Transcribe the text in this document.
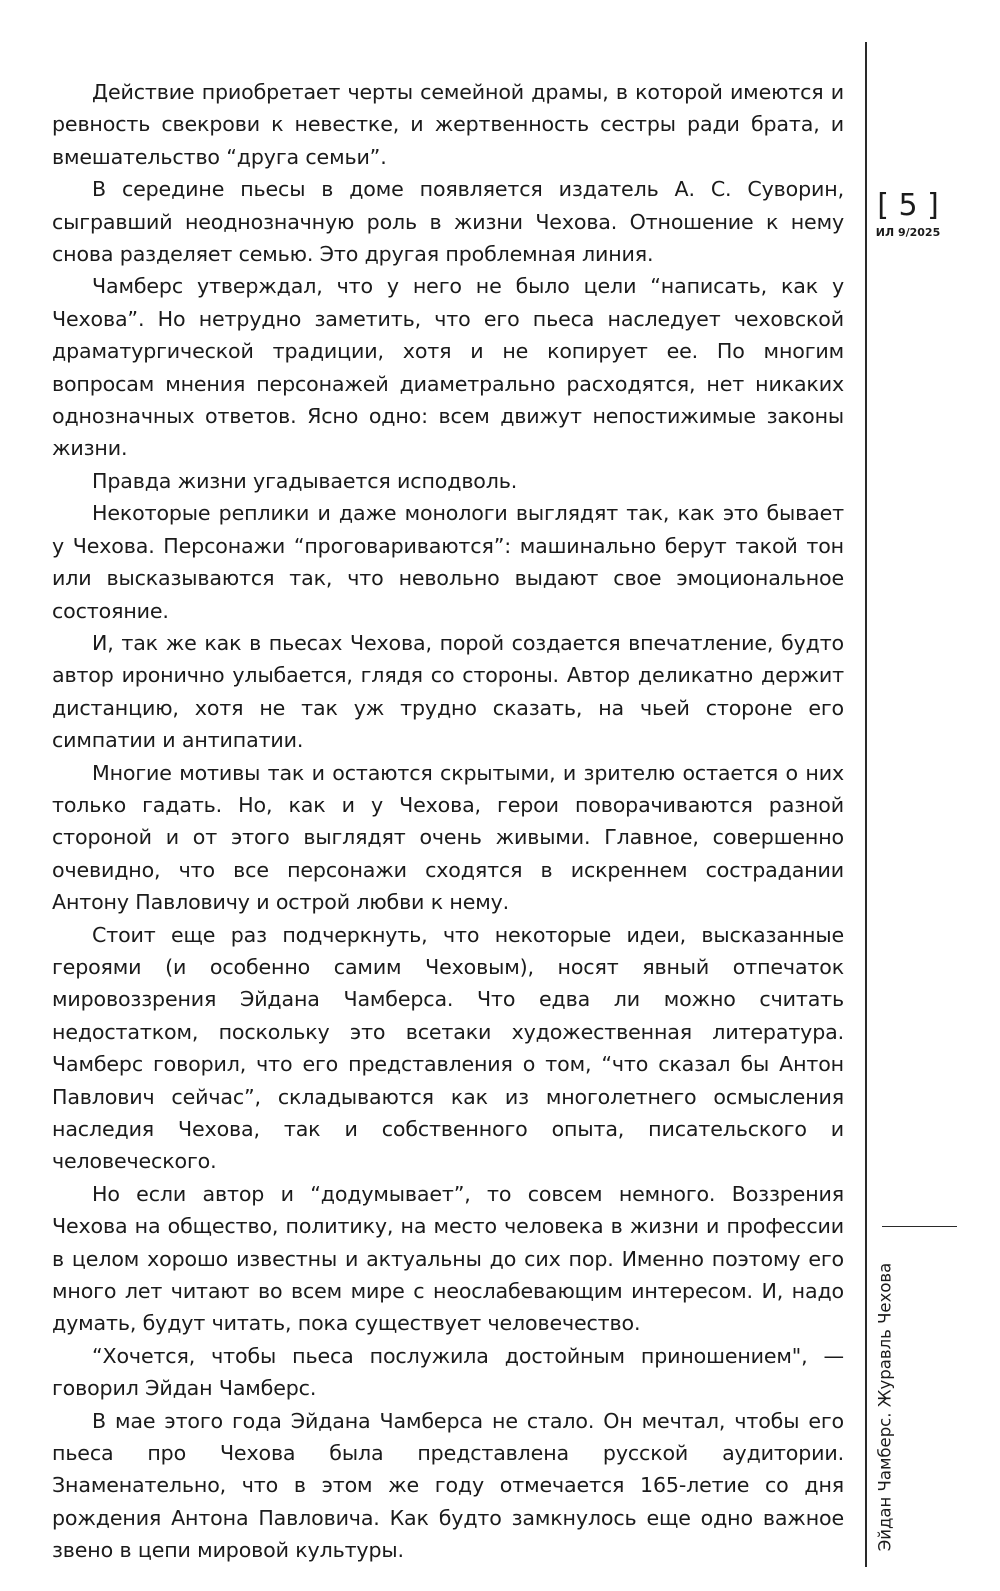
Действие приобретает черты семейной драмы, в которой имеются и ревность свекрови к невестке, и жертвенность сестры ради брата, и вмешательство “друга семьи”.

В середине пьесы в доме появляется издатель А. С. Суворин, сыгравший неоднозначную роль в жизни Чехова. Отношение к нему снова разделяет семью. Это другая проблемная линия.

Чамберс утверждал, что у него не было цели “написать, как у Чехова”. Но нетрудно заметить, что его пьеса наследует чеховской драматургической традиции, хотя и не копирует ее. По многим вопросам мнения персонажей диаметрально расходятся, нет никаких однозначных ответов. Ясно одно: всем движут непостижимые законы жизни.

Правда жизни угадывается исподволь.

Некоторые реплики и даже монологи выглядят так, как это бывает у Чехова. Персонажи “проговариваются”: машинально берут такой тон или высказываются так, что невольно выдают свое эмоциональное состояние.

И, так же как в пьесах Чехова, порой создается впечатление, будто автор иронично улыбается, глядя со стороны. Автор деликатно держит дистанцию, хотя не так уж трудно сказать, на чьей стороне его симпатии и антипатии.

Многие мотивы так и остаются скрытыми, и зрителю остается о них только гадать. Но, как и у Чехова, герои поворачиваются разной стороной и от этого выглядят очень живыми. Главное, совершенно очевидно, что все персонажи сходятся в искреннем сострадании Антону Павловичу и острой любви к нему.

Стоит еще раз подчеркнуть, что некоторые идеи, высказанные героями (и особенно самим Чеховым), носят явный отпечаток мировоззрения Эйдана Чамберса. Что едва ли можно считать недостатком, поскольку это всетаки художественная литература. Чамберс говорил, что его представления о том, “что сказал бы Антон Павлович сейчас”, складываются как из многолетнего осмысления наследия Чехова, так и собственного опыта, писательского и человеческого.

Но если автор и “додумывает”, то совсем немного. Воззрения Чехова на общество, политику, на место человека в жизни и профессии в целом хорошо известны и актуальны до сих пор. Именно поэтому его много лет читают во всем мире с неослабевающим интересом. И, надо думать, будут читать, пока существует человечество.

“Хочется, чтобы пьеса послужила достойным приношением", — говорил Эйдан Чамберс.

В мае этого года Эйдана Чамберса не стало. Он мечтал, чтобы его пьеса про Чехова была представлена русской аудитории. Знаменательно, что в этом же году отмечается 165-летие со дня рождения Антона Павловича. Как будто замкнулось еще одно важное звено в цепи мировой культуры.

[ 5 ]
ИЛ 9/2025
Эйдан Чамберс. Журавль Чехова
